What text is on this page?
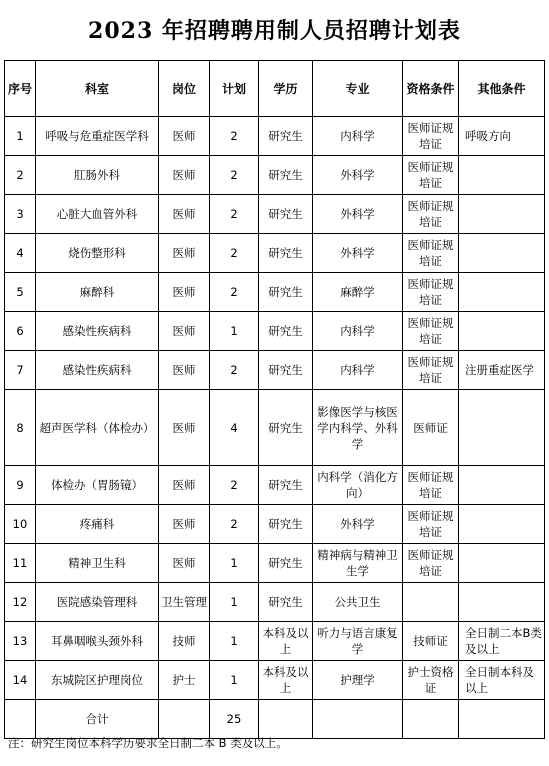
2023 年招聘聘用制人员招聘计划表
序号	科室	岗位	计划	学历	专业	资格条件	其他条件
1	呼吸与危重症医学科	医师	2	研究生	内科学	医师证规培证	呼吸方向
2	肛肠外科	医师	2	研究生	外科学	医师证规培证	
3	心脏大血管外科	医师	2	研究生	外科学	医师证规培证	
4	烧伤整形科	医师	2	研究生	外科学	医师证规培证	
5	麻醉科	医师	2	研究生	麻醉学	医师证规培证	
6	感染性疾病科	医师	1	研究生	内科学	医师证规培证	
7	感染性疾病科	医师	2	研究生	内科学	医师证规培证	注册重症医学
8	超声医学科（体检办）	医师	4	研究生	影像医学与核医学内科学、外科学	医师证	
9	体检办（胃肠镜）	医师	2	研究生	内科学（消化方向）	医师证规培证	
10	疼痛科	医师	2	研究生	外科学	医师证规培证	
11	精神卫生科	医师	1	研究生	精神病与精神卫生学	医师证规培证	
12	医院感染管理科	卫生管理	1	研究生	公共卫生		
13	耳鼻咽喉头颈外科	技师	1	本科及以上	听力与语言康复学	技师证	全日制二本B类及以上
14	东城院区护理岗位	护士	1	本科及以上	护理学	护士资格证	全日制本科及以上
	合计		25				
注：研究生岗位本科学历要求全日制二本 B 类及以上。
